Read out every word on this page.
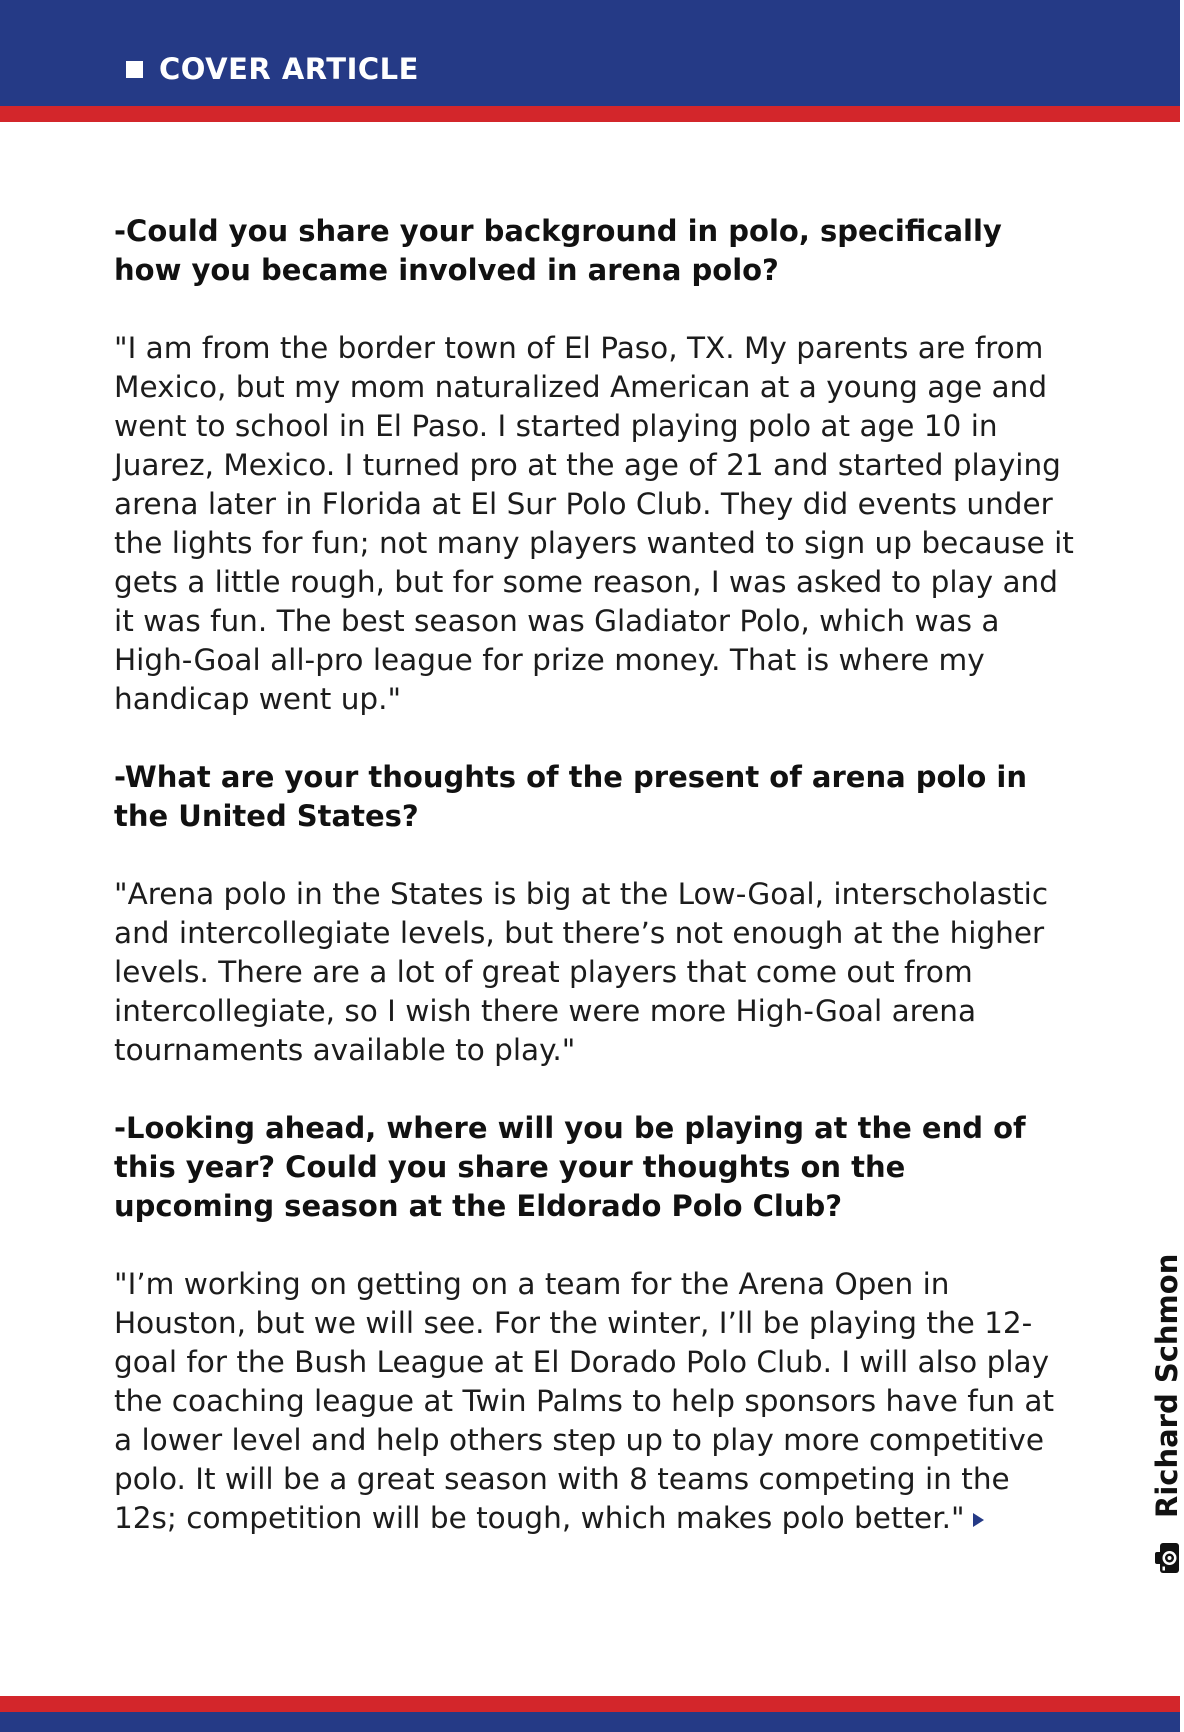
COVER ARTICLE

-Could you share your background in polo, specifically how you became involved in arena polo?

"I am from the border town of El Paso, TX. My parents are from Mexico, but my mom naturalized American at a young age and went to school in El Paso. I started playing polo at age 10 in Juarez, Mexico. I turned pro at the age of 21 and started playing arena later in Florida at El Sur Polo Club. They did events under the lights for fun; not many players wanted to sign up because it gets a little rough, but for some reason, I was asked to play and it was fun. The best season was Gladiator Polo, which was a High-Goal all-pro league for prize money. That is where my handicap went up."

-What are your thoughts of the present of arena polo in the United States?

"Arena polo in the States is big at the Low-Goal, interscholastic and intercollegiate levels, but there’s not enough at the higher levels. There are a lot of great players that come out from intercollegiate, so I wish there were more High-Goal arena tournaments available to play."

-Looking ahead, where will you be playing at the end of this year? Could you share your thoughts on the upcoming season at the Eldorado Polo Club?

"I’m working on getting on a team for the Arena Open in Houston, but we will see. For the winter, I’ll be playing the 12-goal for the Bush League at El Dorado Polo Club. I will also play the coaching league at Twin Palms to help sponsors have fun at a lower level and help others step up to play more competitive polo. It will be a great season with 8 teams competing in the 12s; competition will be tough, which makes polo better."	Richard Schmon
